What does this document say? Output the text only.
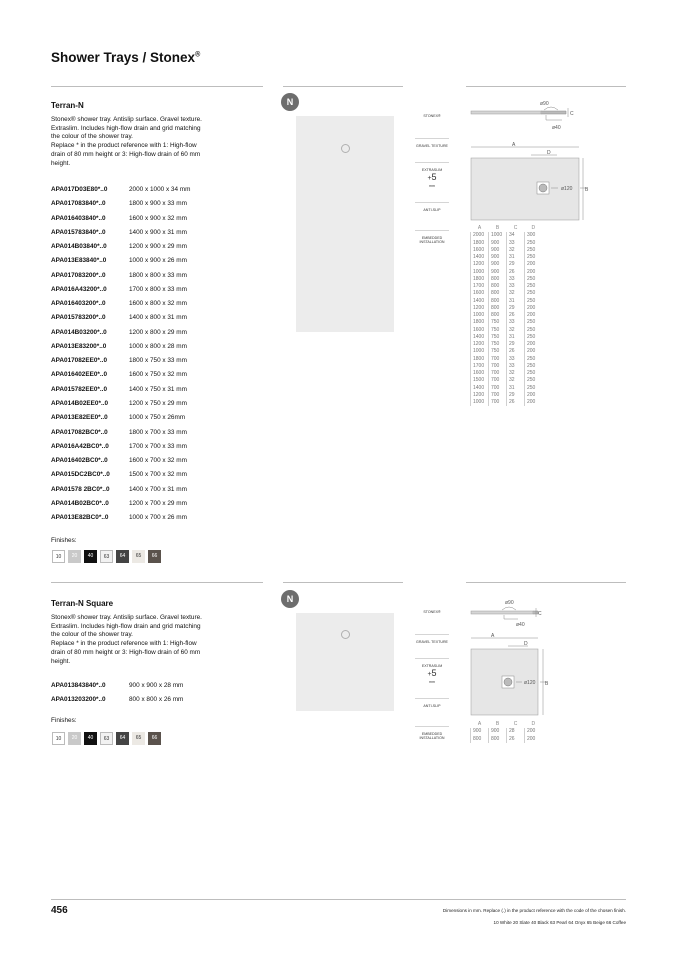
Shower Trays / Stonex®
Terran-N
Stonex® shower tray. Antislip surface. Gravel texture.
Extraslim. Includes high-flow drain and grid matching
the colour of the shower tray.
Replace * in the product reference with 1: High-flow
drain of 80 mm height or 3: High-flow drain of 60 mm
height.
APA017D03E80*..0	2000 x 1000 x 34 mm
APA017083840*..0	1800 x 900 x 33 mm
APA016403840*..0	1600 x 900 x 32 mm
APA015783840*..0	1400 x 900 x 31 mm
APA014B03840*..0	1200 x 900 x 29 mm
APA013E83840*..0	1000 x 900 x 26 mm
APA017083200*..0	1800 x 800 x 33 mm
APA016A43200*..0	1700 x 800 x 33 mm
APA016403200*..0	1600 x 800 x 32 mm
APA015783200*..0	1400 x 800 x 31 mm
APA014B03200*..0	1200 x 800 x 29 mm
APA013E83200*..0	1000 x 800 x 28 mm
APA017082EE0*..0	1800 x 750 x 33 mm
APA016402EE0*..0	1600 x 750 x 32 mm
APA015782EE0*..0	1400 x 750 x 31 mm
APA014B02EE0*..0	1200 x 750 x 29 mm
APA013E82EE0*..0	1000 x 750 x 26mm
APA017082BC0*..0	1800 x 700 x 33 mm
APA016A42BC0*..0	1700 x 700 x 33 mm
APA016402BC0*..0	1600 x 700 x 32 mm
APA015DC2BC0*..0	1500 x 700 x 32 mm
APA01578 2BC0*..0	1400 x 700 x 31 mm
APA014B02BC0*..0	1200 x 700 x 29 mm
APA013E82BC0*..0	1000 x 700 x 26 mm
Finishes:
10	20	40	63	64	65	66
N
STONEX®
GRAVEL TEXTURE
EXTRASLIM
+5
mm
ANTI-SLIP
EMBEDDED INSTALLATION
ø90
C
ø40
A
D
ø120	B
A	B	C	D
2000	1000	34	300
1800	900	33	250
1600	900	32	250
1400	900	31	250
1200	900	29	200
1000	900	26	200
1800	800	33	250
1700	800	33	250
1600	800	32	250
1400	800	31	250
1200	800	29	200
1000	800	26	200
1800	750	33	250
1600	750	32	250
1400	750	31	250
1200	750	29	200
1000	750	26	200
1800	700	33	250
1700	700	33	250
1600	700	32	250
1500	700	32	250
1400	700	31	250
1200	700	29	200
1000	700	26	200
Terran-N Square
Stonex® shower tray. Antislip surface. Gravel texture.
Extraslim. Includes high-flow drain and grid matching
the colour of the shower tray.
Replace * in the product reference with 1: High-flow
drain of 80 mm height or 3: High-flow drain of 60 mm
height.
APA013843840*..0	900 x 900 x 28 mm
APA013203200*..0	800 x 800 x 26 mm
Finishes:
10	20	40	63	64	65	66
N
STONEX®
GRAVEL TEXTURE
EXTRASLIM
+5
mm
ANTI-SLIP
EMBEDDED INSTALLATION
ø90
C
ø40
A
D
ø120 B
A	B	C	D
900	900	28	200
800	800	26	200
456	Dimensions in mm. Replace (.) in the product reference with the code of the chosen finish.
10 White 20 Slate 40 Black 63 Pearl 64 Onyx 65 Beige 66 Coffee
